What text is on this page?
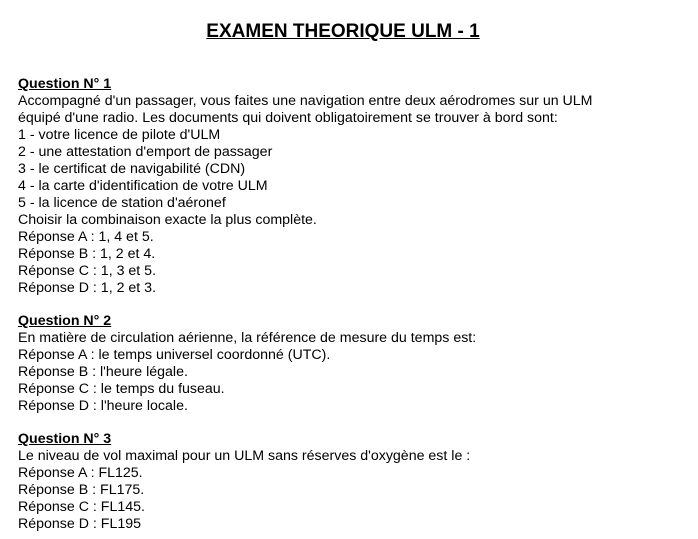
EXAMEN THEORIQUE ULM - 1
Question N° 1
Accompagné d'un passager, vous faites une navigation entre deux aérodromes sur un ULM
équipé d'une radio. Les documents qui doivent obligatoirement se trouver à bord sont:
1 - votre licence de pilote d'ULM
2 - une attestation d'emport de passager
3 - le certificat de navigabilité (CDN)
4 - la carte d'identification de votre ULM
5 - la licence de station d'aéronef
Choisir la combinaison exacte la plus complète.
Réponse A : 1, 4 et 5.
Réponse B : 1, 2 et 4.
Réponse C : 1, 3 et 5.
Réponse D : 1, 2 et 3.
Question N° 2
En matière de circulation aérienne, la référence de mesure du temps est:
Réponse A : le temps universel coordonné (UTC).
Réponse B : l'heure légale.
Réponse C : le temps du fuseau.
Réponse D : l'heure locale.
Question N° 3
Le niveau de vol maximal pour un ULM sans réserves d'oxygène est le :
Réponse A : FL125.
Réponse B : FL175.
Réponse C : FL145.
Réponse D : FL195
